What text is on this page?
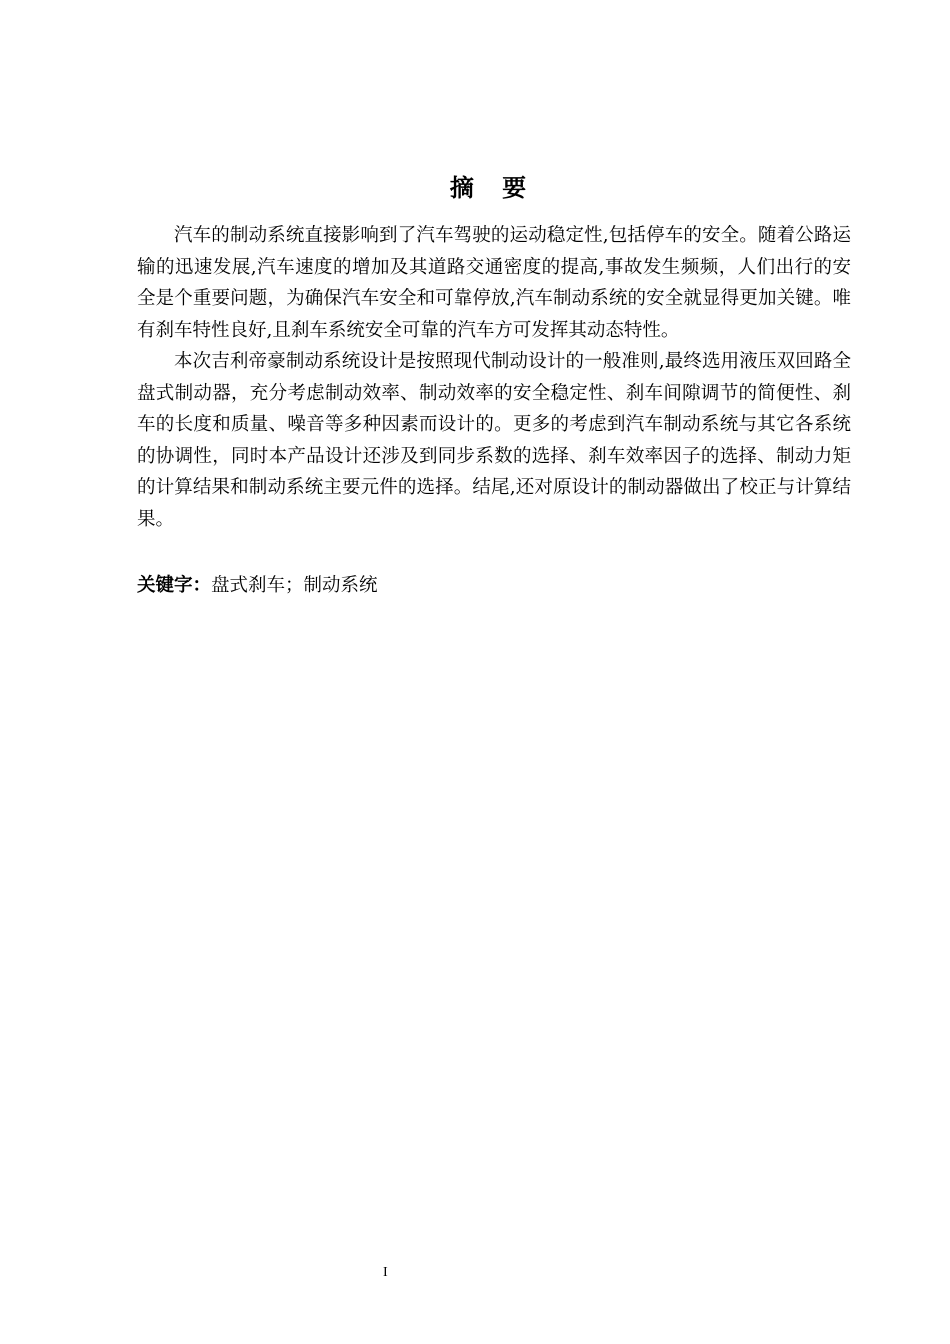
摘 要

汽车的制动系统直接影响到了汽车驾驶的运动稳定性,包括停车的安全。随着公路运输的迅速发展,汽车速度的增加及其道路交通密度的提高,事故发生频频，人们出行的安全是个重要问题，为确保汽车安全和可靠停放,汽车制动系统的安全就显得更加关键。唯有刹车特性良好,且刹车系统安全可靠的汽车方可发挥其动态特性。

本次吉利帝豪制动系统设计是按照现代制动设计的一般准则,最终选用液压双回路全盘式制动器，充分考虑制动效率、制动效率的安全稳定性、刹车间隙调节的简便性、刹车的长度和质量、噪音等多种因素而设计的。更多的考虑到汽车制动系统与其它各系统的协调性，同时本产品设计还涉及到同步系数的选择、刹车效率因子的选择、制动力矩的计算结果和制动系统主要元件的选择。结尾,还对原设计的制动器做出了校正与计算结果。

关键字：盘式刹车；制动系统
I
